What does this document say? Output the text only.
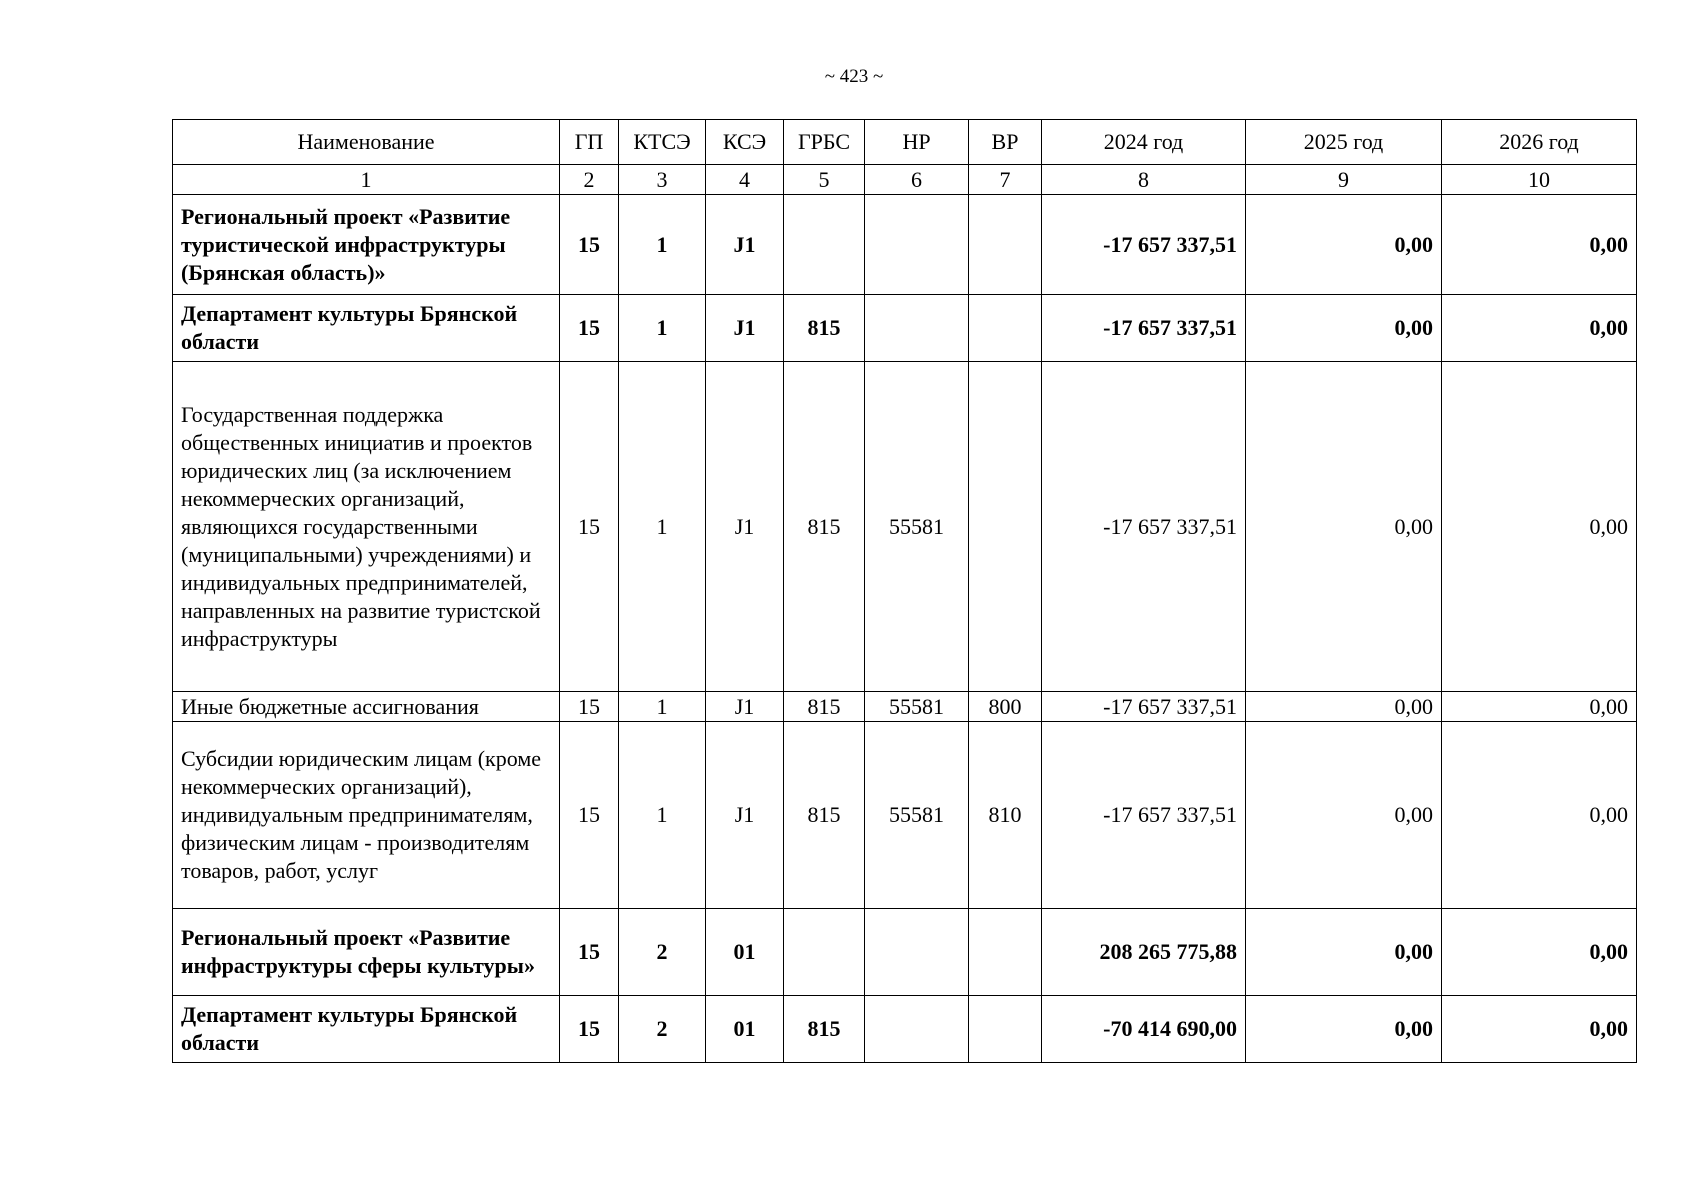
~ 423 ~
Наименование	ГП	КТСЭ	КСЭ	ГРБС	НР	ВР	2024 год	2025 год	2026 год
1	2	3	4	5	6	7	8	9	10
Региональный проект «Развитие туристической инфраструктуры (Брянская область)»	15	1	J1				-17 657 337,51	0,00	0,00
Департамент культуры Брянской области	15	1	J1	815			-17 657 337,51	0,00	0,00
Государственная поддержка общественных инициатив и проектов юридических лиц (за исключением некоммерческих организаций, являющихся государственными (муниципальными) учреждениями) и индивидуальных предпринимателей, направленных на развитие туристской инфраструктуры	15	1	J1	815	55581		-17 657 337,51	0,00	0,00
Иные бюджетные ассигнования	15	1	J1	815	55581	800	-17 657 337,51	0,00	0,00
Субсидии юридическим лицам (кроме некоммерческих организаций), индивидуальным предпринимателям, физическим лицам - производителям товаров, работ, услуг	15	1	J1	815	55581	810	-17 657 337,51	0,00	0,00
Региональный проект «Развитие инфраструктуры сферы культуры»	15	2	01				208 265 775,88	0,00	0,00
Департамент культуры Брянской области	15	2	01	815			-70 414 690,00	0,00	0,00
